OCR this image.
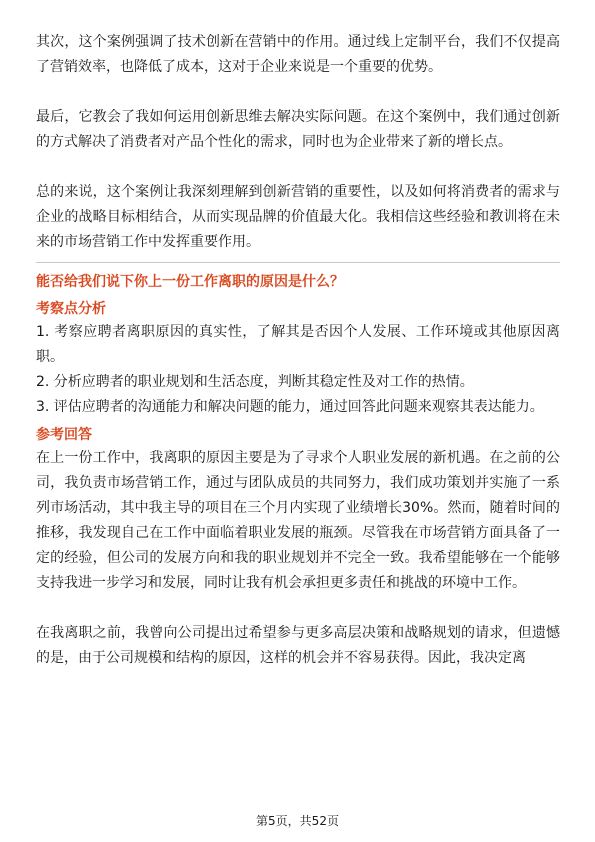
其次，这个案例强调了技术创新在营销中的作用。通过线上定制平台，我们不仅提高了营销效率，也降低了成本，这对于企业来说是一个重要的优势。

最后，它教会了我如何运用创新思维去解决实际问题。在这个案例中，我们通过创新的方式解决了消费者对产品个性化的需求，同时也为企业带来了新的增长点。

总的来说，这个案例让我深刻理解到创新营销的重要性，以及如何将消费者的需求与企业的战略目标相结合，从而实现品牌的价值最大化。我相信这些经验和教训将在未来的市场营销工作中发挥重要作用。

能否给我们说下你上一份工作离职的原因是什么？

考察点分析

1. 考察应聘者离职原因的真实性，了解其是否因个人发展、工作环境或其他原因离职。

2. 分析应聘者的职业规划和生活态度，判断其稳定性及对工作的热情。

3. 评估应聘者的沟通能力和解决问题的能力，通过回答此问题来观察其表达能力。

参考回答

在上一份工作中，我离职的原因主要是为了寻求个人职业发展的新机遇。在之前的公司，我负责市场营销工作，通过与团队成员的共同努力，我们成功策划并实施了一系列市场活动，其中我主导的项目在三个月内实现了业绩增长30%。然而，随着时间的推移，我发现自己在工作中面临着职业发展的瓶颈。尽管我在市场营销方面具备了一定的经验，但公司的发展方向和我的职业规划并不完全一致。我希望能够在一个能够支持我进一步学习和发展，同时让我有机会承担更多责任和挑战的环境中工作。

在我离职之前，我曾向公司提出过希望参与更多高层决策和战略规划的请求，但遗憾的是，由于公司规模和结构的原因，这样的机会并不容易获得。因此，我决定离

第5页，共52页
